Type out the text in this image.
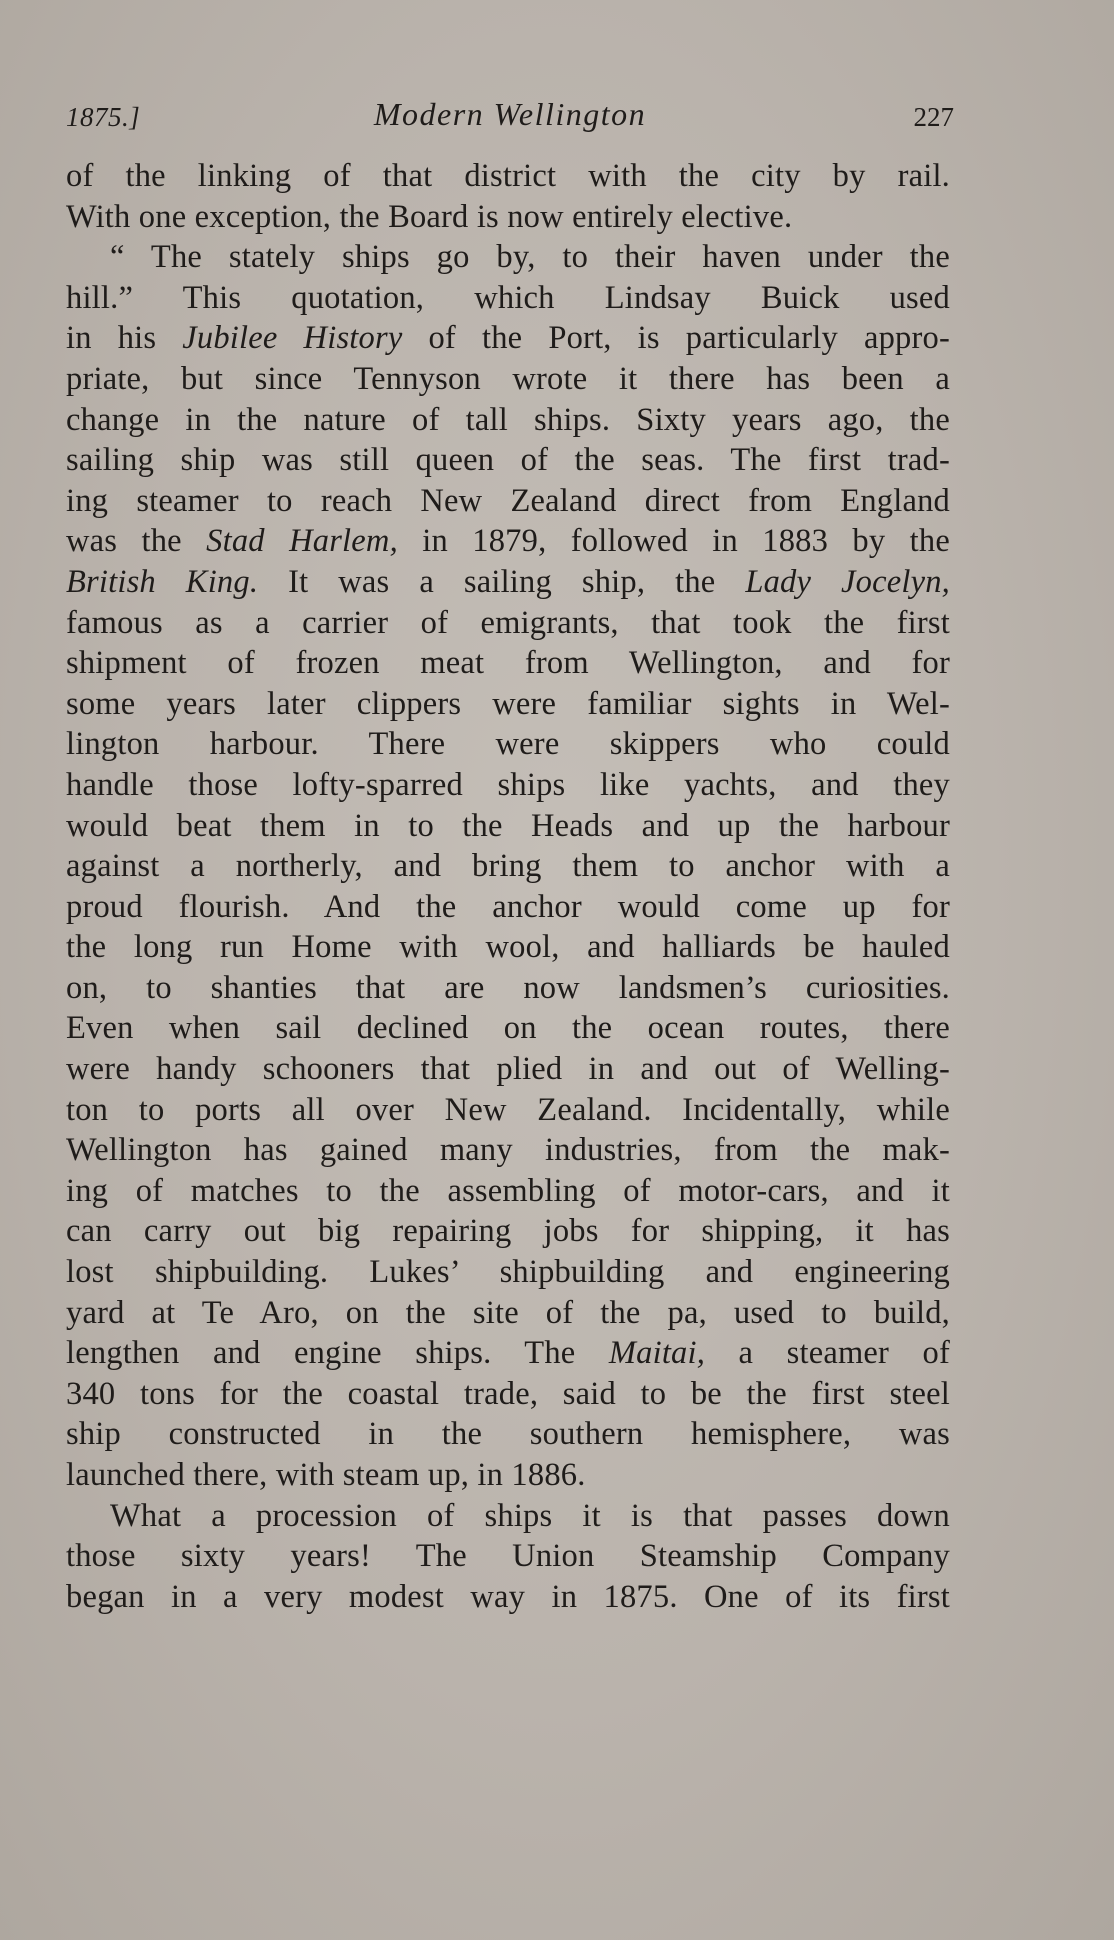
1875.]	Modern Wellington	227
of the linking of that district with the city by rail.
With one exception, the Board is now entirely elective.
“ The stately ships go by, to their haven under the
hill.” This quotation, which Lindsay Buick used
in his Jubilee History of the Port, is particularly appro-
priate, but since Tennyson wrote it there has been a
change in the nature of tall ships. Sixty years ago, the
sailing ship was still queen of the seas. The first trad-
ing steamer to reach New Zealand direct from England
was the Stad Harlem, in 1879, followed in 1883 by the
British King. It was a sailing ship, the Lady Jocelyn,
famous as a carrier of emigrants, that took the first
shipment of frozen meat from Wellington, and for
some years later clippers were familiar sights in Wel-
lington harbour. There were skippers who could
handle those lofty-sparred ships like yachts, and they
would beat them in to the Heads and up the harbour
against a northerly, and bring them to anchor with a
proud flourish. And the anchor would come up for
the long run Home with wool, and halliards be hauled
on, to shanties that are now landsmen’s curiosities.
Even when sail declined on the ocean routes, there
were handy schooners that plied in and out of Welling-
ton to ports all over New Zealand. Incidentally, while
Wellington has gained many industries, from the mak-
ing of matches to the assembling of motor-cars, and it
can carry out big repairing jobs for shipping, it has
lost shipbuilding. Lukes’ shipbuilding and engineering
yard at Te Aro, on the site of the pa, used to build,
lengthen and engine ships. The Maitai, a steamer of
340 tons for the coastal trade, said to be the first steel
ship constructed in the southern hemisphere, was
launched there, with steam up, in 1886.
What a procession of ships it is that passes down
those sixty years! The Union Steamship Company
began in a very modest way in 1875. One of its first
